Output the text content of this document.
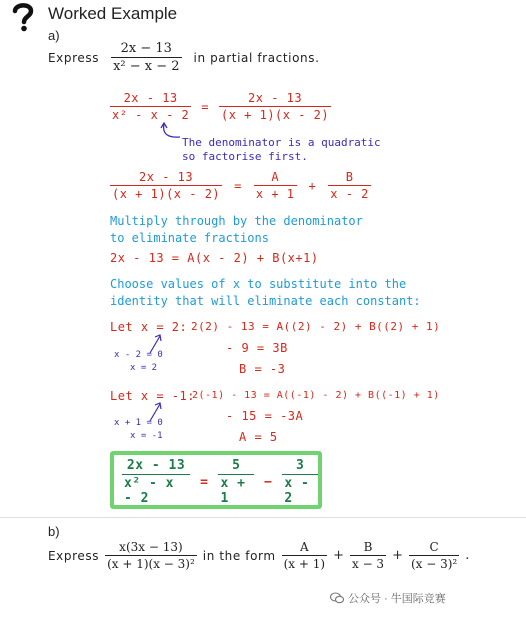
Worked Example
a)
Express $\frac{2x - 13}{\text{x² − x − 2}}$ in partial fractions.
$\frac{2x - 13}{\text{x² - x - 2}} = \frac{2x - 13}{(x + 1)(x - 2)}$
The denominator is a quadratic
so factorise first.
$\frac{2x - 13}{(x + 1)(x - 2)} = \frac{A}{x + 1} + \frac{B}{x - 2}$
Multiply through by the denominator
to eliminate fractions
2x - 13 = A(x - 2) + B(x+1)
Choose values of x to substitute into the
identity that will eliminate each constant:
Let x = 2: 2(2) - 13 = A((2) - 2) + B((2) + 1)
- 9 = 3B
B = -3
x - 2 = 0
x = 2
Let x = -1:
2(-1) - 13 = A((-1) - 2) + B((-1) + 1)
- 15 = -3A
A = 5
x + 1 = 0
x = -1
$\frac{2x - 13}{\text{x² - x - 2}} = \frac{5}{x + 1} - \frac{3}{x - 2}$
b)
Express $\frac{x(3x - 13)}{\text{(x + 1)(x − 3)²}}$ in the form $\frac{A}{(x + 1)} + \frac{B}{x - 3} + \frac{C}{\text{(x − 3)²}}$ .
公众号 · 牛国际竞赛
